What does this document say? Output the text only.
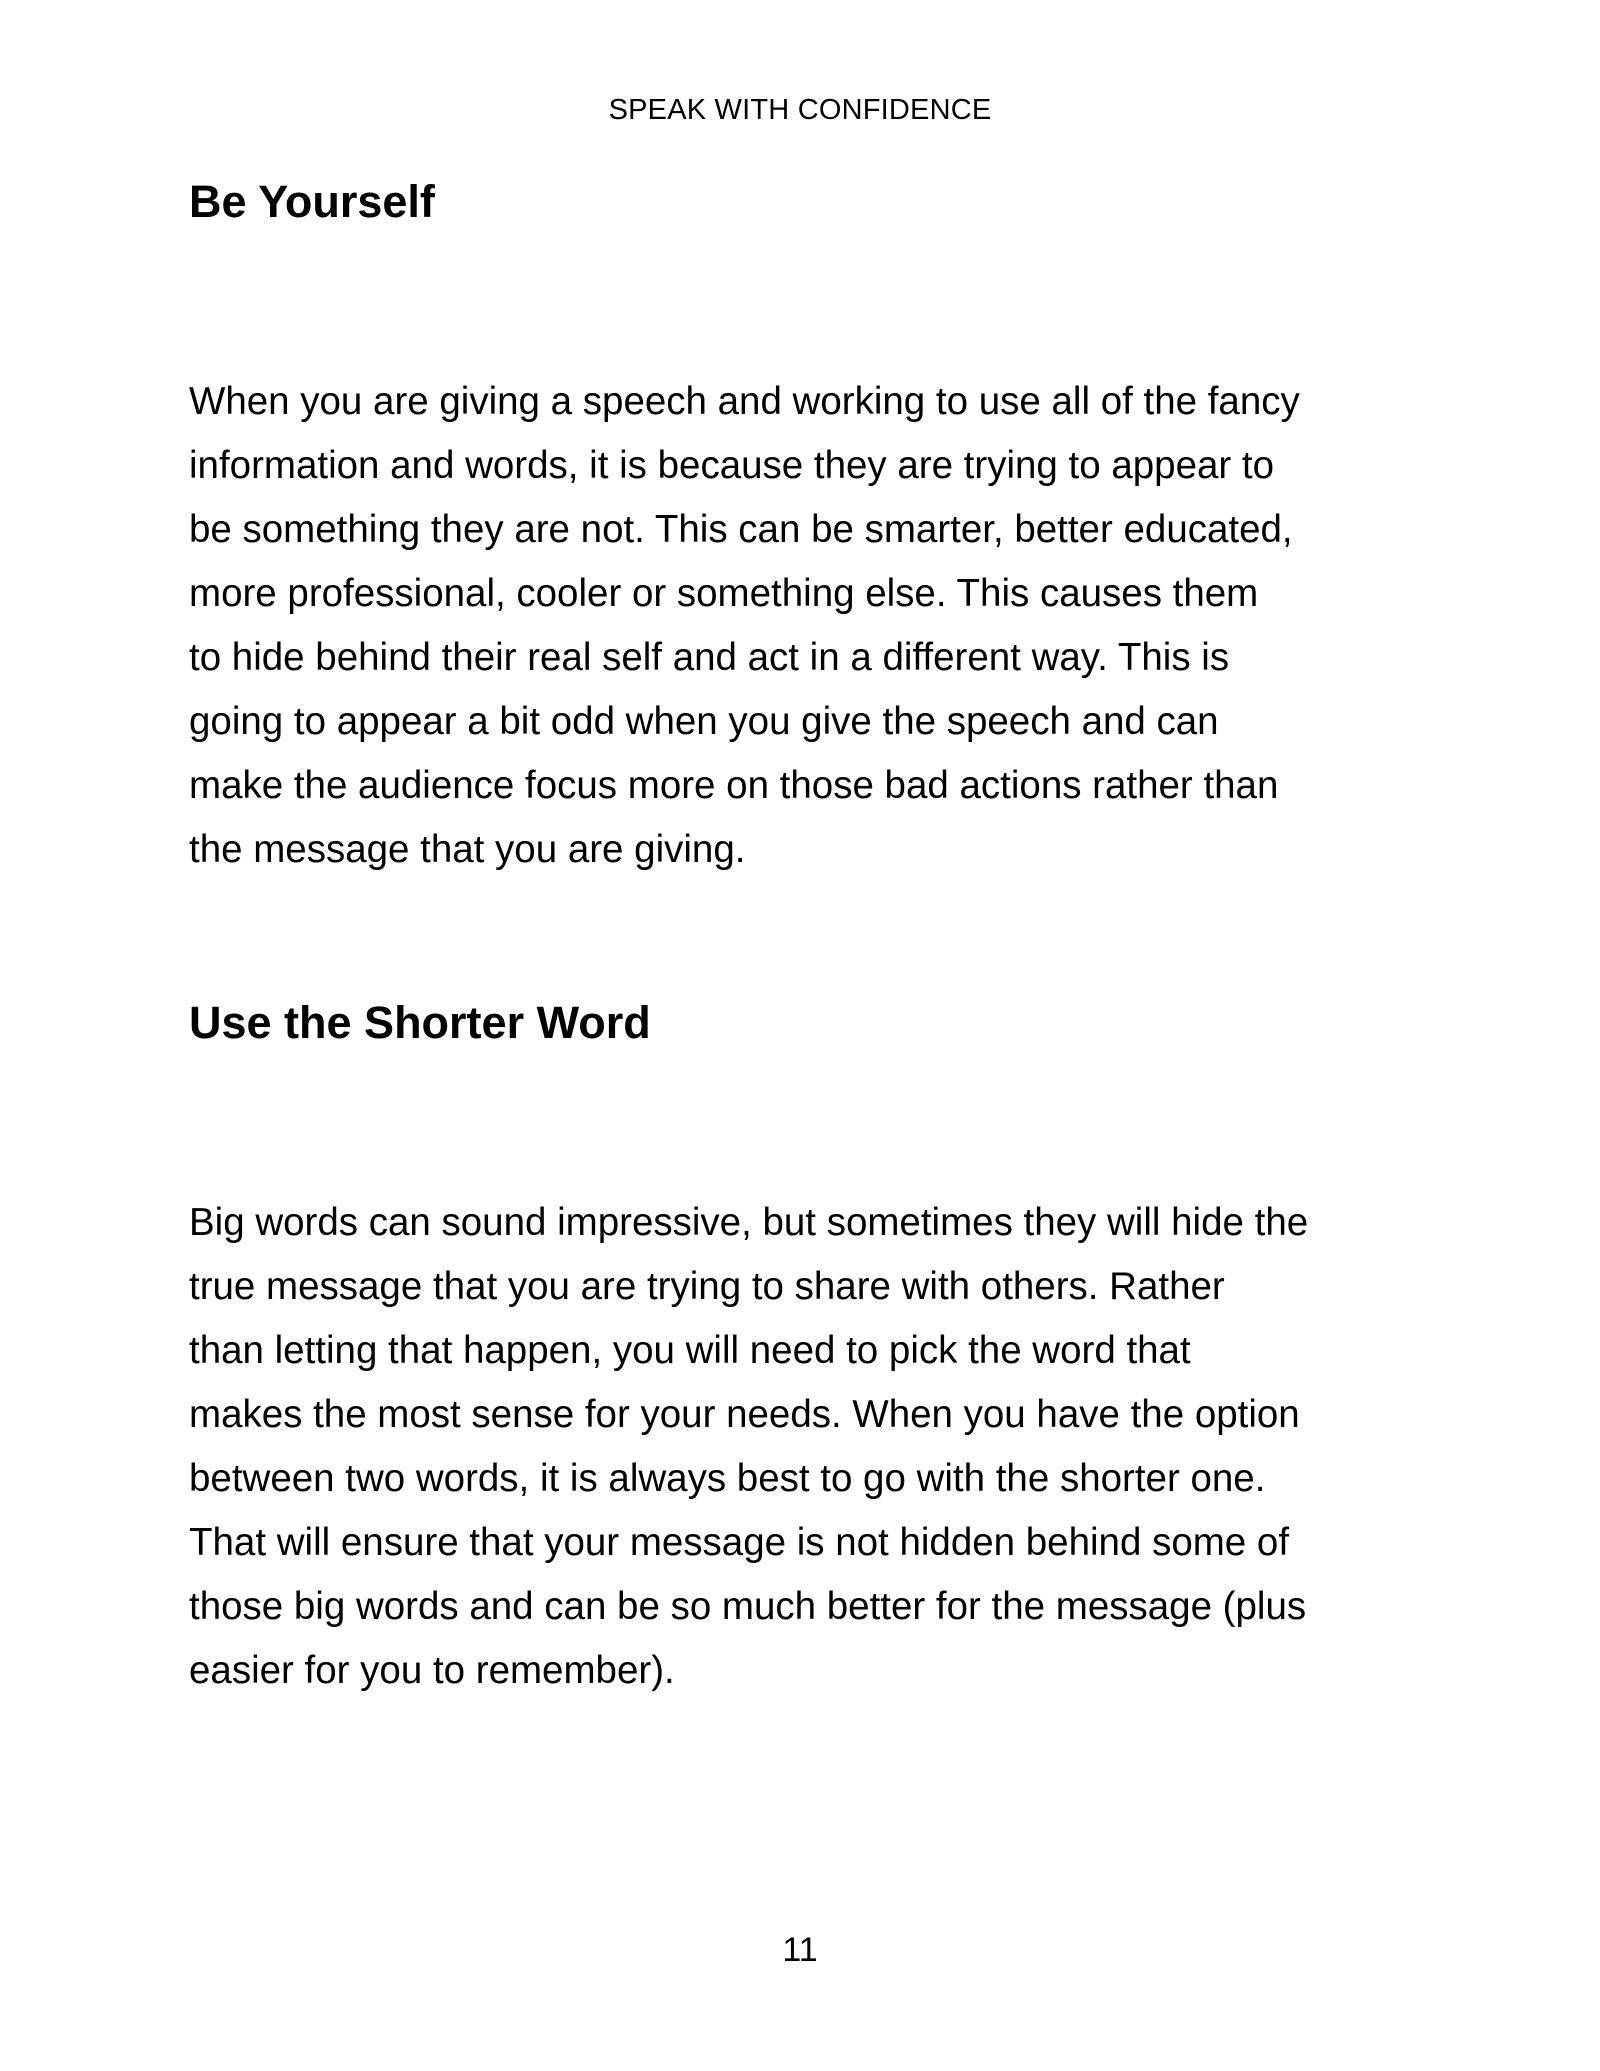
SPEAK WITH CONFIDENCE
Be Yourself

When you are giving a speech and working to use all of the fancy
information and words, it is because they are trying to appear to
be something they are not. This can be smarter, better educated,
more professional, cooler or something else. This causes them
to hide behind their real self and act in a different way. This is
going to appear a bit odd when you give the speech and can
make the audience focus more on those bad actions rather than
the message that you are giving.

Use the Shorter Word

Big words can sound impressive, but sometimes they will hide the
true message that you are trying to share with others. Rather
than letting that happen, you will need to pick the word that
makes the most sense for your needs. When you have the option
between two words, it is always best to go with the shorter one.
That will ensure that your message is not hidden behind some of
those big words and can be so much better for the message (plus
easier for you to remember).

11
